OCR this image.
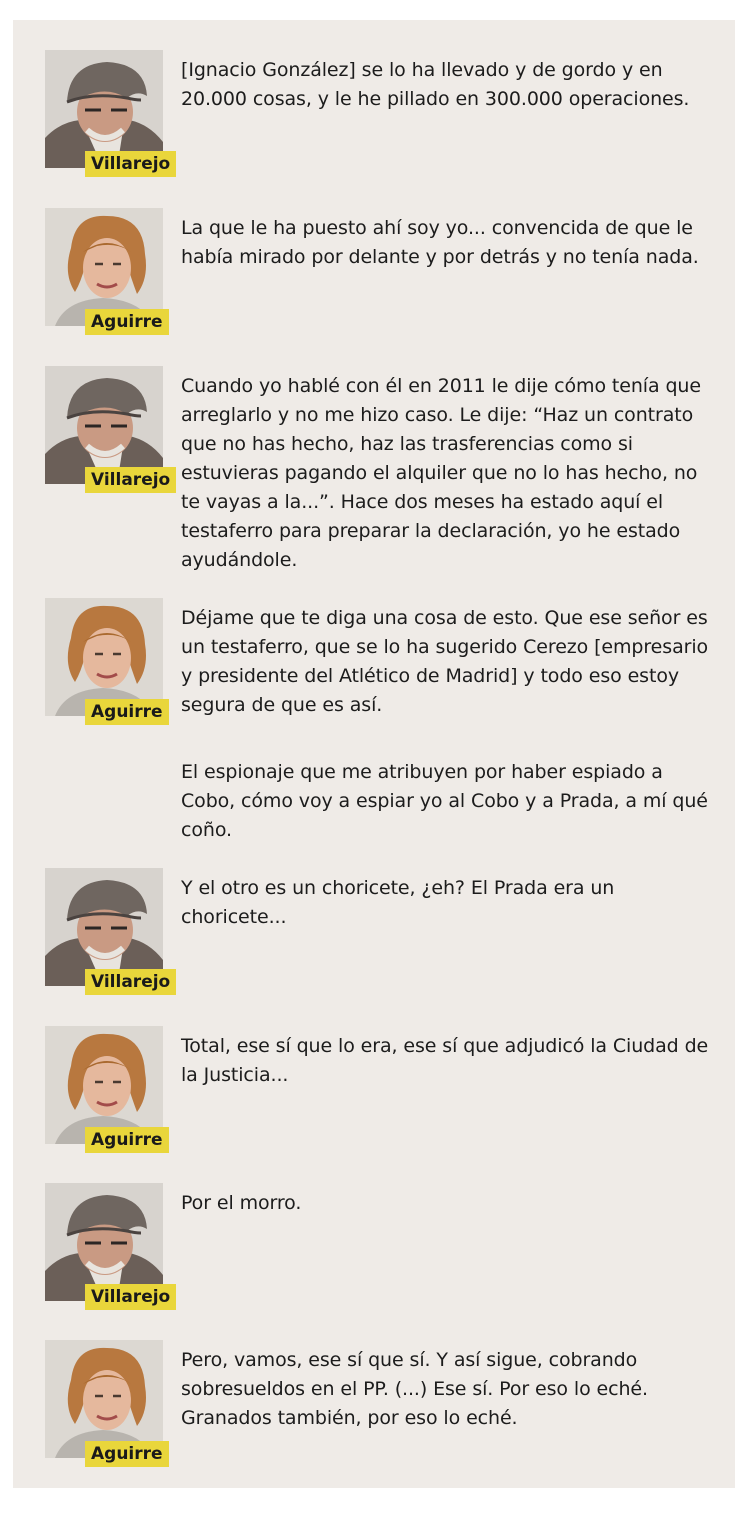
Villarejo

[Ignacio González] se lo ha llevado y de gordo y en 20.000 cosas, y le he pillado en 300.000 operaciones.

Aguirre

La que le ha puesto ahí soy yo... convencida de que le había mirado por delante y por detrás y no tenía nada.

Villarejo

Cuando yo hablé con él en 2011 le dije cómo tenía que arreglarlo y no me hizo caso. Le dije: “Haz un contrato que no has hecho, haz las trasferencias como si estuvieras pagando el alquiler que no lo has hecho, no te vayas a la...”. Hace dos meses ha estado aquí el testaferro para preparar la declaración, yo he estado ayudándole.

Aguirre

Déjame que te diga una cosa de esto. Que ese señor es un testaferro, que se lo ha sugerido Cerezo [empresario y presidente del Atlético de Madrid] y todo eso estoy segura de que es así.

El espionaje que me atribuyen por haber espiado a Cobo, cómo voy a espiar yo al Cobo y a Prada, a mí qué coño.

Villarejo

Y el otro es un choricete, ¿eh? El Prada era un choricete...

Aguirre

Total, ese sí que lo era, ese sí que adjudicó la Ciudad de la Justicia...

Villarejo

Por el morro.

Aguirre

Pero, vamos, ese sí que sí. Y así sigue, cobrando sobresueldos en el PP. (...) Ese sí. Por eso lo eché. Granados también, por eso lo eché.
